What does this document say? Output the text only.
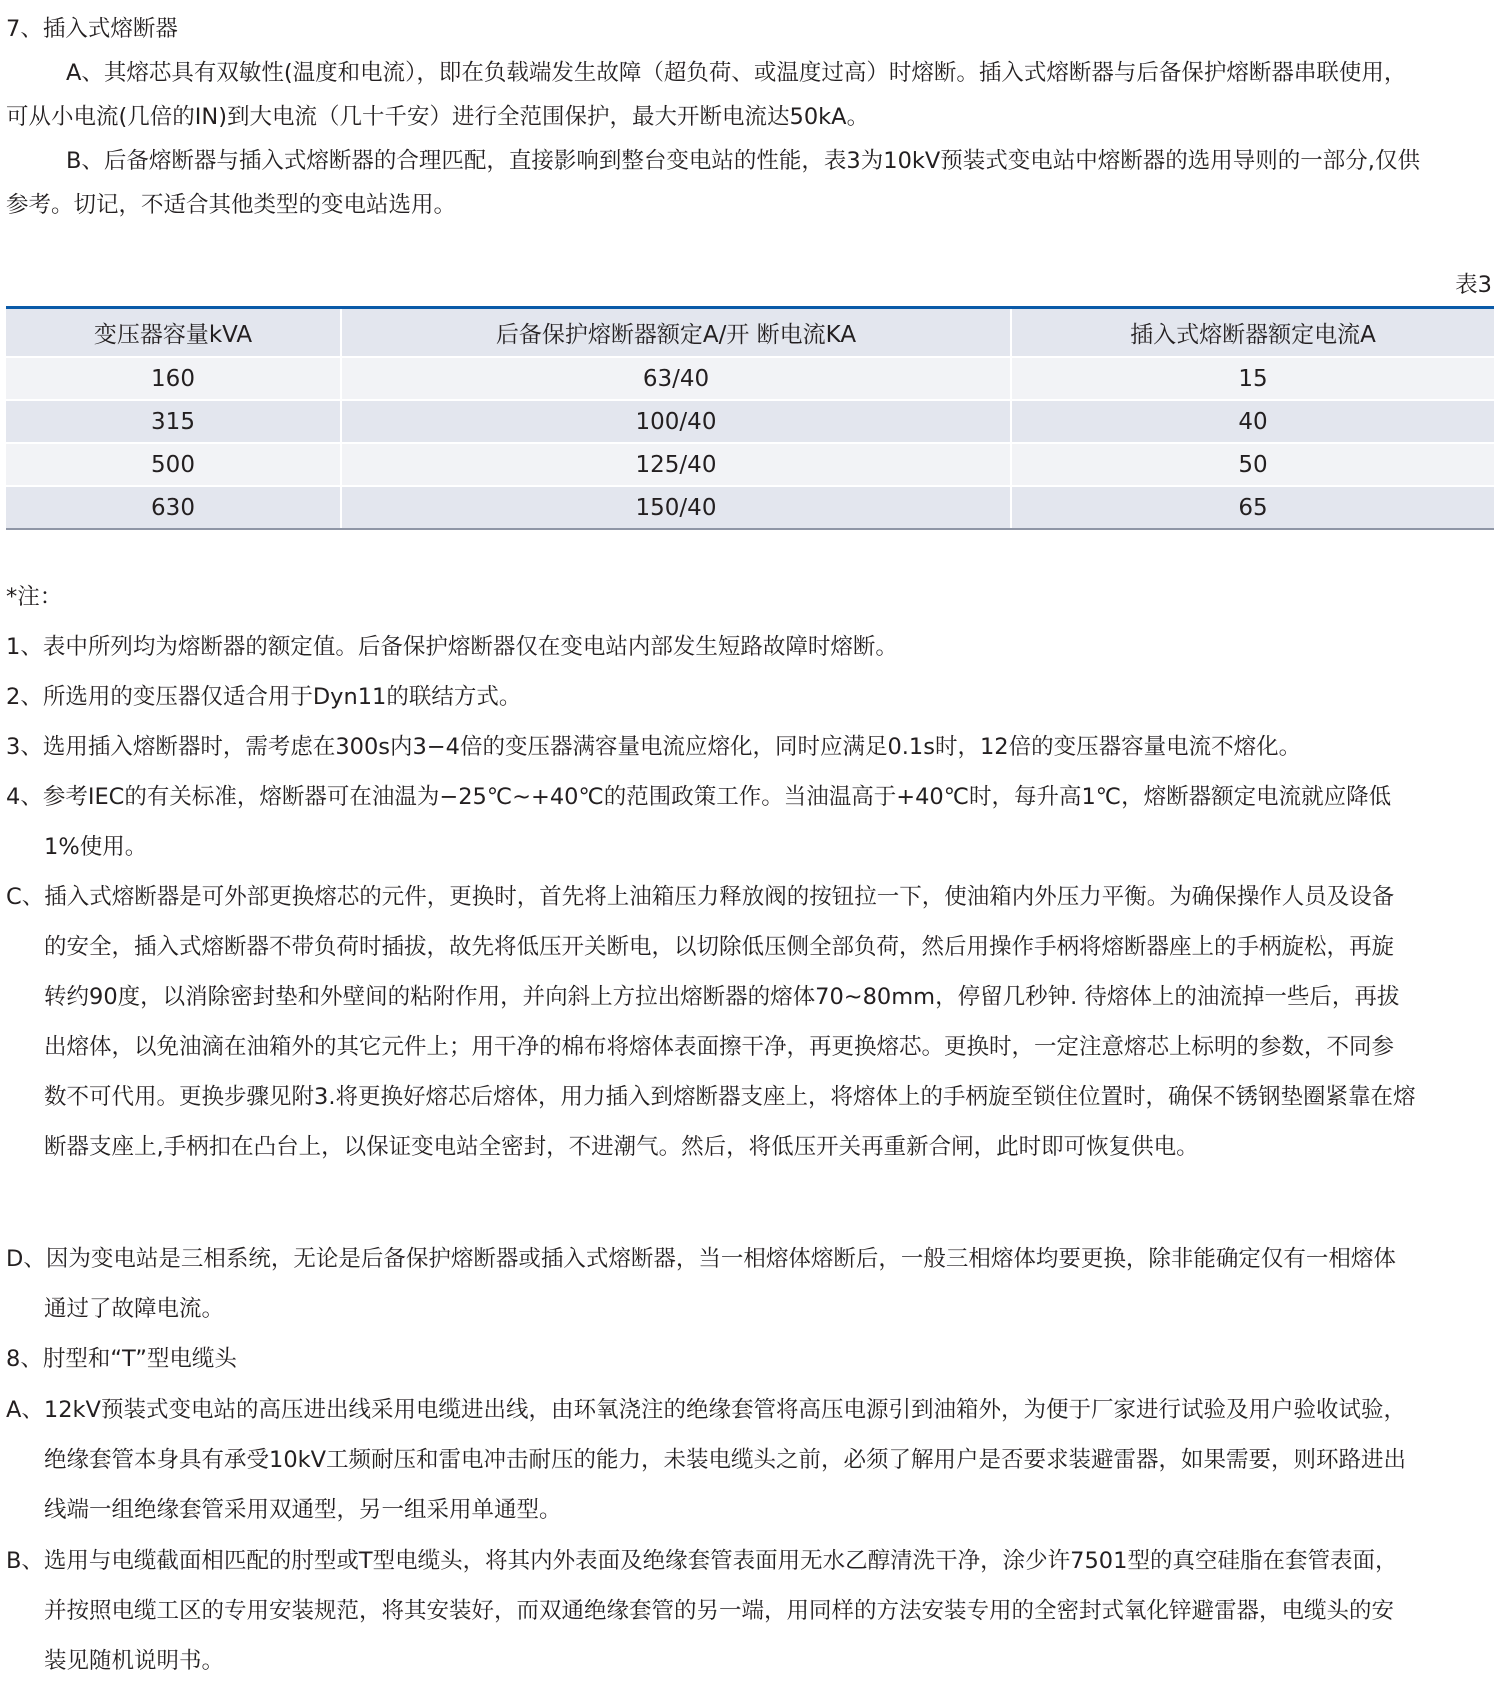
7、插入式熔断器
A、其熔芯具有双敏性(温度和电流），即在负载端发生故障（超负荷、或温度过高）时熔断。插入式熔断器与后备保护熔断器串联使用，
可从小电流(几倍的IN)到大电流（几十千安）进行全范围保护，最大开断电流达50kA。
B、后备熔断器与插入式熔断器的合理匹配，直接影响到整台变电站的性能，表3为10kV预装式变电站中熔断器的选用导则的一部分,仅供
参考。切记，不适合其他类型的变电站选用。
表3
变压器容量kVA	后备保护熔断器额定A/开 断电流KA	插入式熔断器额定电流A
160	63/40	15
315	100/40	40
500	125/40	50
630	150/40	65
*注：
1、表中所列均为熔断器的额定值。后备保护熔断器仅在变电站内部发生短路故障时熔断。
2、所选用的变压器仅适合用于Dyn11的联结方式。
3、选用插入熔断器时，需考虑在300s内3−4倍的变压器满容量电流应熔化，同时应满足0.1s时，12倍的变压器容量电流不熔化。
4、参考IEC的有关标准，熔断器可在油温为−25℃~+40℃的范围政策工作。当油温高于+40℃时，每升高1℃，熔断器额定电流就应降低
1%使用。
C、插入式熔断器是可外部更换熔芯的元件，更换时，首先将上油箱压力释放阀的按钮拉一下，使油箱内外压力平衡。为确保操作人员及设备
的安全，插入式熔断器不带负荷时插拔，故先将低压开关断电，以切除低压侧全部负荷，然后用操作手柄将熔断器座上的手柄旋松，再旋
转约90度，以消除密封垫和外壁间的粘附作用，并向斜上方拉出熔断器的熔体70~80mm，停留几秒钟. 待熔体上的油流掉一些后，再拔
出熔体，以免油滴在油箱外的其它元件上；用干净的棉布将熔体表面擦干净，再更换熔芯。更换时，一定注意熔芯上标明的参数，不同参
数不可代用。更换步骤见附3.将更换好熔芯后熔体，用力插入到熔断器支座上，将熔体上的手柄旋至锁住位置时，确保不锈钢垫圈紧靠在熔
断器支座上,手柄扣在凸台上，以保证变电站全密封，不进潮气。然后，将低压开关再重新合闸，此时即可恢复供电。
D、因为变电站是三相系统，无论是后备保护熔断器或插入式熔断器，当一相熔体熔断后，一般三相熔体均要更换，除非能确定仅有一相熔体
通过了故障电流。
8、肘型和“T”型电缆头
A、12kV预装式变电站的高压进出线采用电缆进出线，由环氧浇注的绝缘套管将高压电源引到油箱外，为便于厂家进行试验及用户验收试验，
绝缘套管本身具有承受10kV工频耐压和雷电冲击耐压的能力，未装电缆头之前，必须了解用户是否要求装避雷器，如果需要，则环路进出
线端一组绝缘套管采用双通型，另一组采用单通型。
B、选用与电缆截面相匹配的肘型或T型电缆头，将其内外表面及绝缘套管表面用无水乙醇清洗干净，涂少许7501型的真空硅脂在套管表面，
并按照电缆工区的专用安装规范，将其安装好，而双通绝缘套管的另一端，用同样的方法安装专用的全密封式氧化锌避雷器，电缆头的安
装见随机说明书。
